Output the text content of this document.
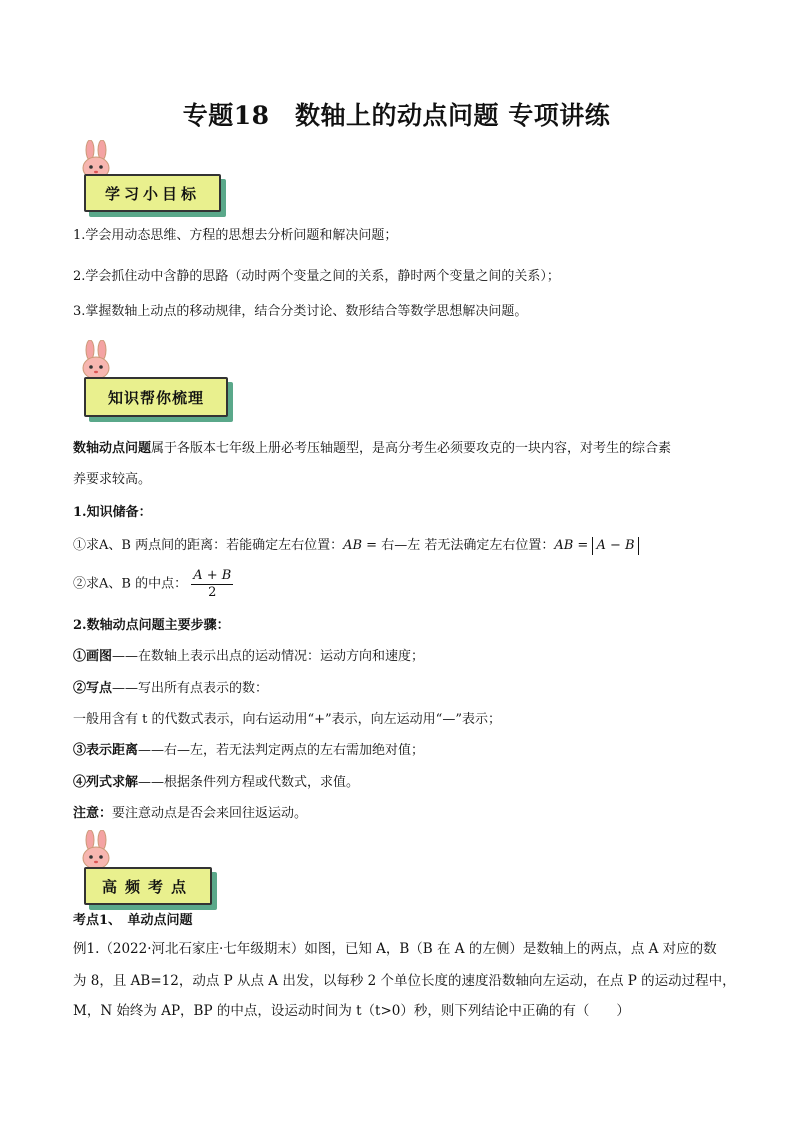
专题18　数轴上的动点问题 专项讲练
学习小目标
1.学会用动态思维、方程的思想去分析问题和解决问题；
2.学会抓住动中含静的思路（动时两个变量之间的关系，静时两个变量之间的关系）；
3.掌握数轴上动点的移动规律，结合分类讨论、数形结合等数学思想解决问题。
知识帮你梳理
数轴动点问题属于各版本七年级上册必考压轴题型，是高分考生必须要攻克的一块内容，对考生的综合素
养要求较高。
1.知识储备：
①求A、B 两点间的距离：若能确定左右位置：AB = 右—左 若无法确定左右位置：AB = A − B
②求A、B 的中点： $\frac{A + B}{2}$
2.数轴动点问题主要步骤：
①画图——在数轴上表示出点的运动情况：运动方向和速度；
②写点——写出所有点表示的数：
一般用含有 t 的代数式表示，向右运动用“+”表示，向左运动用“—”表示；
③表示距离——右—左，若无法判定两点的左右需加绝对值；
④列式求解——根据条件列方程或代数式，求值。
注意：要注意动点是否会来回往返运动。
高频考点
考点1、　单动点问题
例1.（2022·河北石家庄·七年级期末）如图，已知 A，B（B 在 A 的左侧）是数轴上的两点，点 A 对应的数
为 8，且 AB=12，动点 P 从点 A 出发，以每秒 2 个单位长度的速度沿数轴向左运动，在点 P 的运动过程中，
M，N 始终为 AP，BP 的中点，设运动时间为 t（t>0）秒，则下列结论中正确的有（　　）
